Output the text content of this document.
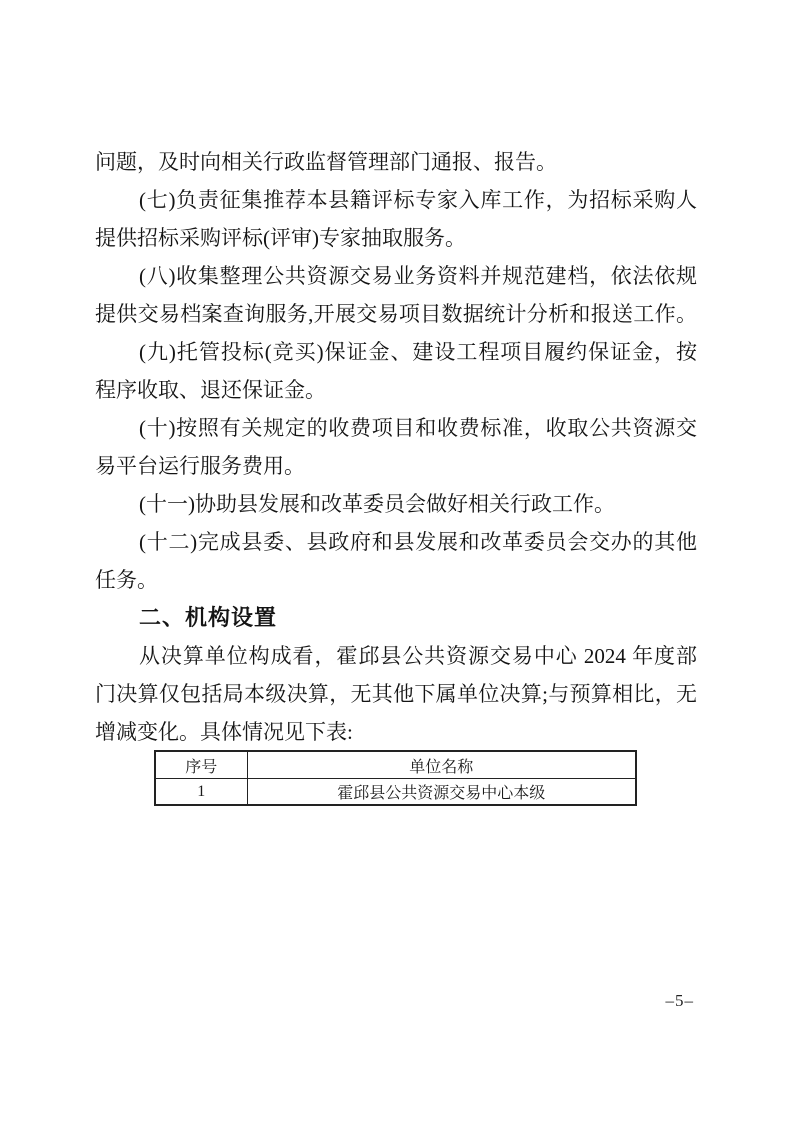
问题，及时向相关行政监督管理部门通报、报告。
(七)负责征集推荐本县籍评标专家入库工作，为招标采购人
提供招标采购评标(评审)专家抽取服务。
(八)收集整理公共资源交易业务资料并规范建档，依法依规
提供交易档案查询服务,开展交易项目数据统计分析和报送工作。
(九)托管投标(竞买)保证金、建设工程项目履约保证金，按
程序收取、退还保证金。
(十)按照有关规定的收费项目和收费标准，收取公共资源交
易平台运行服务费用。
(十一)协助县发展和改革委员会做好相关行政工作。
(十二)完成县委、县政府和县发展和改革委员会交办的其他
任务。
二、机构设置
从决算单位构成看，霍邱县公共资源交易中心 2024 年度部
门决算仅包括局本级决算，无其他下属单位决算;与预算相比，无
增减变化。具体情况见下表:
序号	单位名称
1	霍邱县公共资源交易中心本级
–5–
